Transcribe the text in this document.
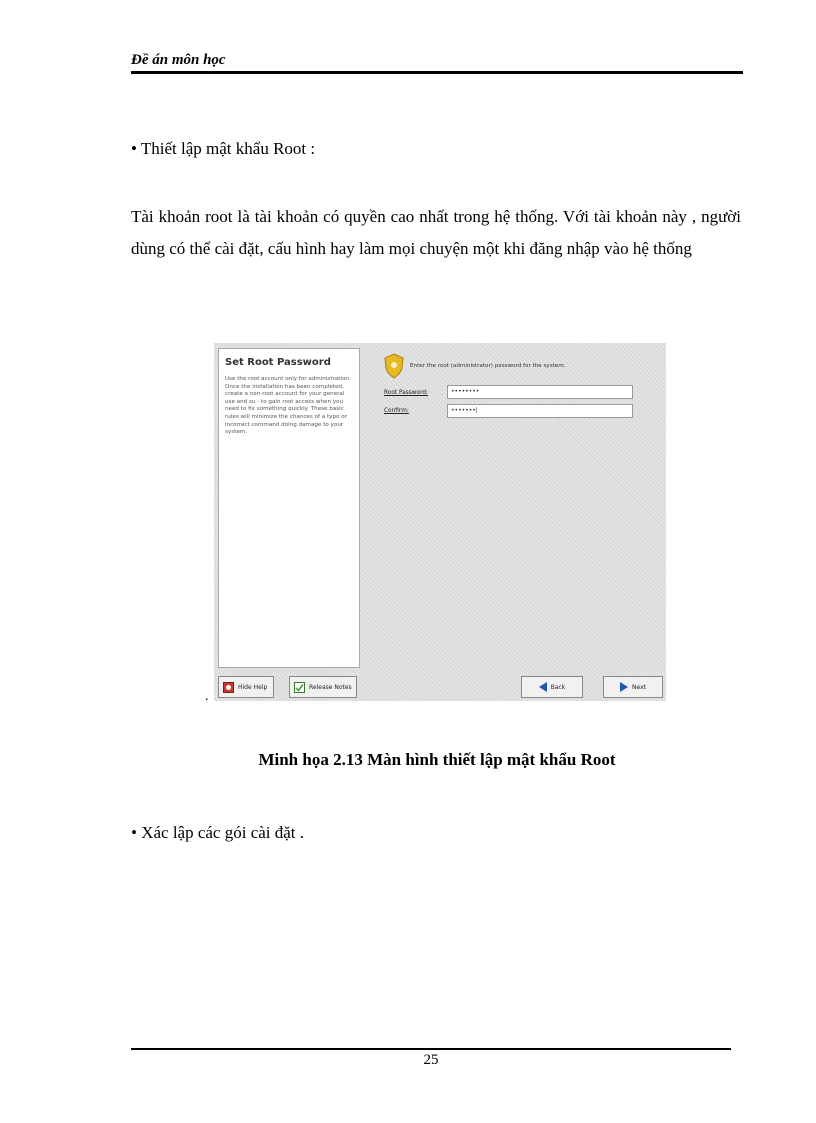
Đề án môn học
• Thiết lập mật khẩu Root :
Tài khoản root là tài khoản có quyền cao nhất trong hệ thống. Với tài khoản này , người dùng có thể cài đặt, cấu hình hay làm mọi chuyện một khi đăng nhập vào hệ thống
.
Set Root Password
Use the root account only for administration. Once the installation has been completed, create a non-root account for your general use and su - to gain root access when you need to fix something quickly. These basic rules will minimize the chances of a typo or incorrect command doing damage to your system.
Enter the root (administrator) password for the system.
Root Password:	••••••••
Confirm:	•••••••|
Hide Help	Release Notes	Back	Next
Minh họa 2.13 Màn hình thiết lập mật khẩu Root
• Xác lập các gói cài đặt .
25
